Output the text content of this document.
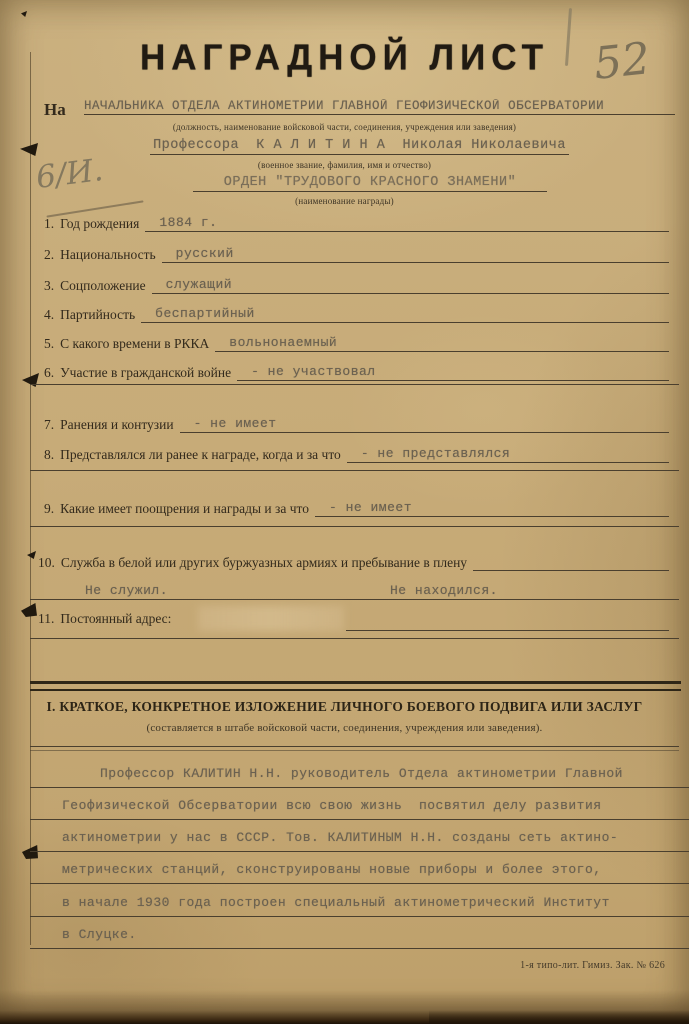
НАГРАДНОЙ ЛИСТ 52
6/И.
На НАЧАЛЬНИКА ОТДЕЛА АКТИНОМЕТРИИ ГЛАВНОЙ ГЕОФИЗИЧЕСКОЙ ОБСЕРВАТОРИИ
(должность, наименование войсковой части, соединения, учреждения или заведения)
Профессора  К А Л И Т И Н А  Николая Николаевича
(военное звание, фамилия, имя и отчество)
ОРДЕН "ТРУДОВОГО КРАСНОГО ЗНАМЕНИ"
(наименование награды)
1. Год рождения	1884 г.
2. Национальность	русский
3. Соцположение	служащий
4. Партийность	беспартийный
5. С какого времени в РККА	вольнонаемный
6. Участие в гражданской войне	- не участвовал
7. Ранения и контузии	- не имеет
8. Представлялся ли ранее к награде, когда и за что	- не представлялся
9. Какие имеет поощрения и награды и за что	- не имеет
10. Служба в белой или других буржуазных армиях и пребывание в плену
Не служил.	Не находился.
11. Постоянный адрес:
I. КРАТКОЕ, КОНКРЕТНОЕ ИЗЛОЖЕНИЕ ЛИЧНОГО БОЕВОГО ПОДВИГА ИЛИ ЗАСЛУГ
(составляется в штабе войсковой части, соединения, учреждения или заведения).
Профессор КАЛИТИН Н.Н. руководитель Отдела актинометрии Главной
Геофизической Обсерватории всю свою жизнь  посвятил делу развития
актинометрии у нас в СССР. Тов. КАЛИТИНЫМ Н.Н. созданы сеть актино-
метрических станций, сконструированы новые приборы и более этого,
в начале 1930 года построен специальный актинометрический Институт
в Слуцке.
1-я типо-лит. Гимиз. Зак. № 626
